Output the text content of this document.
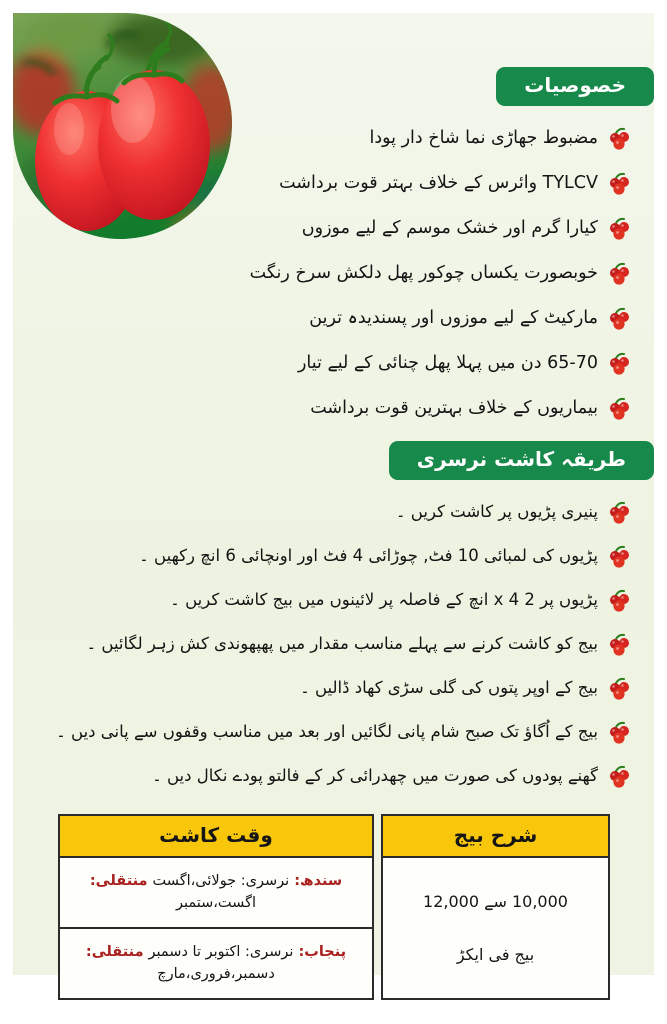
خصوصیات
مضبوط جھاڑی نما شاخ دار پودا
TYLCV وائرس کے خلاف بہتر قوت برداشت
کیارا گرم اور خشک موسم کے لیے موزوں
خوبصورت یکساں چوکور پھل دلکش سرخ رنگت
مارکیٹ کے لیے موزوں اور پسندیدہ ترین
65-70 دن میں پہلا پھل چنائی کے لیے تیار
بیماریوں کے خلاف بہترین قوت برداشت
طریقہ کاشت نرسری
پنیری پڑیوں پر کاشت کریں ۔
پڑیوں کی لمبائی 10 فٹ, چوڑائی 4 فٹ اور اونچائی 6 انچ رکھیں ۔
پڑیوں پر 2 x 4 انچ کے فاصلہ پر لائینوں میں بیج کاشت کریں ۔
بیج کو کاشت کرنے سے پہلے مناسب مقدار میں پھپھوندی کش زہر لگائیں ۔
بیج کے اوپر پتوں کی گلی سڑی کھاد ڈالیں ۔
بیج کے اُگاؤ تک صبح شام پانی لگائیں اور بعد میں مناسب وقفوں سے پانی دیں ۔
گھنے پودوں کی صورت میں چھدرائی کر کے فالتو پودے نکال دیں ۔
وقت کاشت
سندھ:
نرسری: جولائی،اگست
منتقلی:
اگست،ستمبر
پنجاب:
نرسری: اکتوبر تا دسمبر
منتقلی:
دسمبر،فروری،مارچ
شرح بیج
10,000 سے 12,000
بیج فی ایکڑ
